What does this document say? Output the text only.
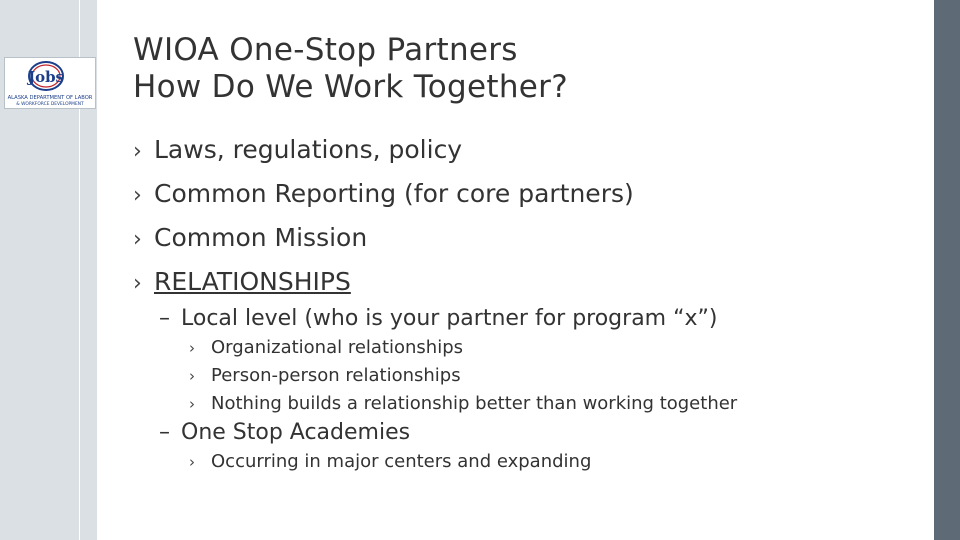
Jobs
ALASKA DEPARTMENT OF LABOR
& WORKFORCE DEVELOPMENT
WIOA One-Stop Partners
How Do We Work Together?
› Laws, regulations, policy
› Common Reporting (for core partners)
› Common Mission
› RELATIONSHIPS
– Local level (who is your partner for program “x”)
› Organizational relationships
› Person-person relationships
› Nothing builds a relationship better than working together
– One Stop Academies
› Occurring in major centers and expanding
